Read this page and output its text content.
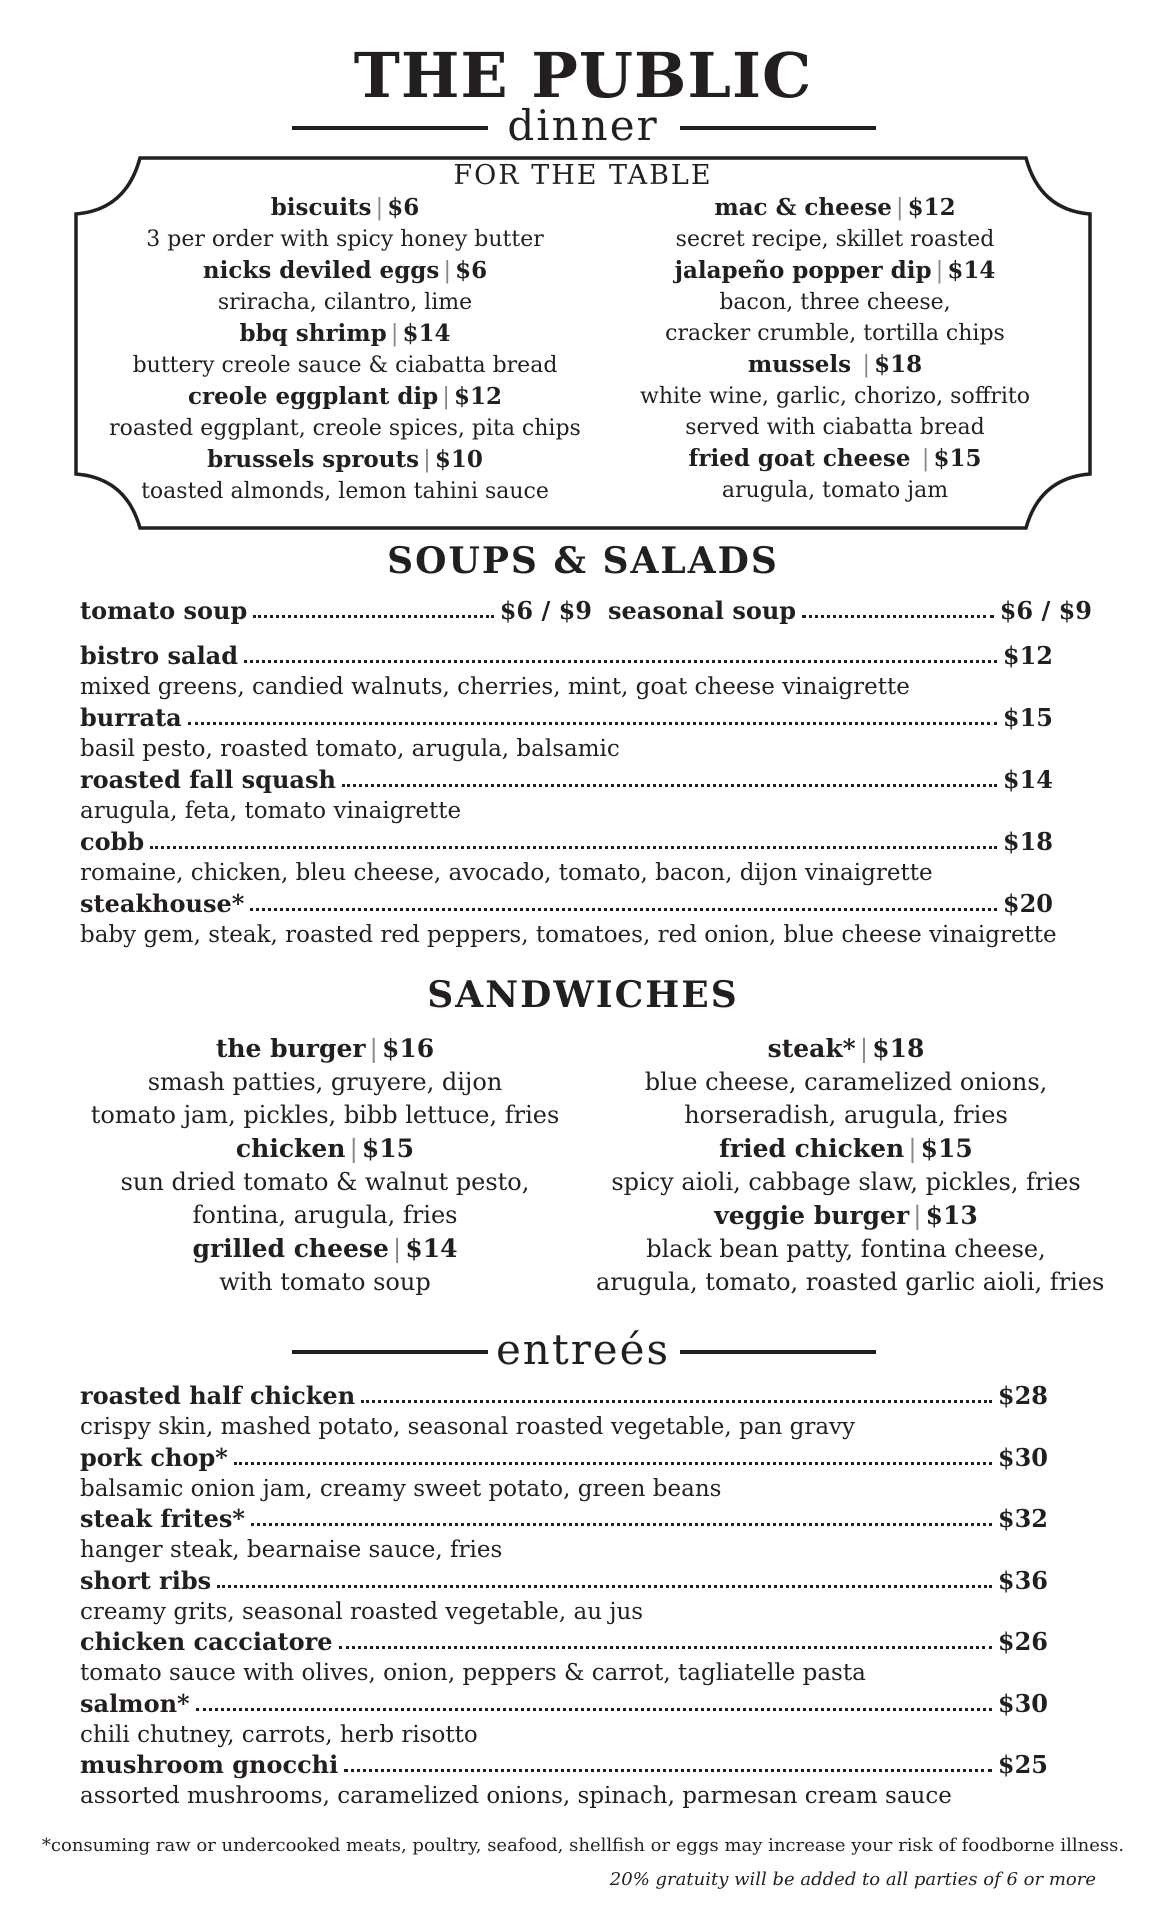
THE PUBLIC
dinner
FOR THE TABLE
biscuits | $6
3 per order with spicy honey butter
nicks deviled eggs | $6
sriracha, cilantro, lime
bbq shrimp | $14
buttery creole sauce & ciabatta bread
creole eggplant dip | $12
roasted eggplant, creole spices, pita chips
brussels sprouts | $10
toasted almonds, lemon tahini sauce
mac & cheese | $12
secret recipe, skillet roasted
jalapeño popper dip | $14
bacon, three cheese,
cracker crumble, tortilla chips
mussels | $18
white wine, garlic, chorizo, soffrito
served with ciabatta bread
fried goat cheese | $15
arugula, tomato jam
SOUPS & SALADS
tomato soup	$6 / $9 seasonal soup	$6 / $9
bistro salad	$12
mixed greens, candied walnuts, cherries, mint, goat cheese vinaigrette
burrata	$15
basil pesto, roasted tomato, arugula, balsamic
roasted fall squash	$14
arugula, feta, tomato vinaigrette
cobb	$18
romaine, chicken, bleu cheese, avocado, tomato, bacon, dijon vinaigrette
steakhouse*	$20
baby gem, steak, roasted red peppers, tomatoes, red onion, blue cheese vinaigrette
SANDWICHES
the burger | $16
smash patties, gruyere, dijon
tomato jam, pickles, bibb lettuce, fries
chicken | $15
sun dried tomato & walnut pesto,
fontina, arugula, fries
grilled cheese | $14
with tomato soup
steak* | $18
blue cheese, caramelized onions,
horseradish, arugula, fries
fried chicken | $15
spicy aioli, cabbage slaw, pickles, fries
veggie burger | $13
black bean patty, fontina cheese,
arugula, tomato, roasted garlic aioli, fries
entreés
roasted half chicken	$28
crispy skin, mashed potato, seasonal roasted vegetable, pan gravy
pork chop*	$30
balsamic onion jam, creamy sweet potato, green beans
steak frites*	$32
hanger steak, bearnaise sauce, fries
short ribs	$36
creamy grits, seasonal roasted vegetable, au jus
chicken cacciatore	$26
tomato sauce with olives, onion, peppers & carrot, tagliatelle pasta
salmon*	$30
chili chutney, carrots, herb risotto
mushroom gnocchi	$25
assorted mushrooms, caramelized onions, spinach, parmesan cream sauce
*consuming raw or undercooked meats, poultry, seafood, shellfish or eggs may increase your risk of foodborne illness.
20% gratuity will be added to all parties of 6 or more
